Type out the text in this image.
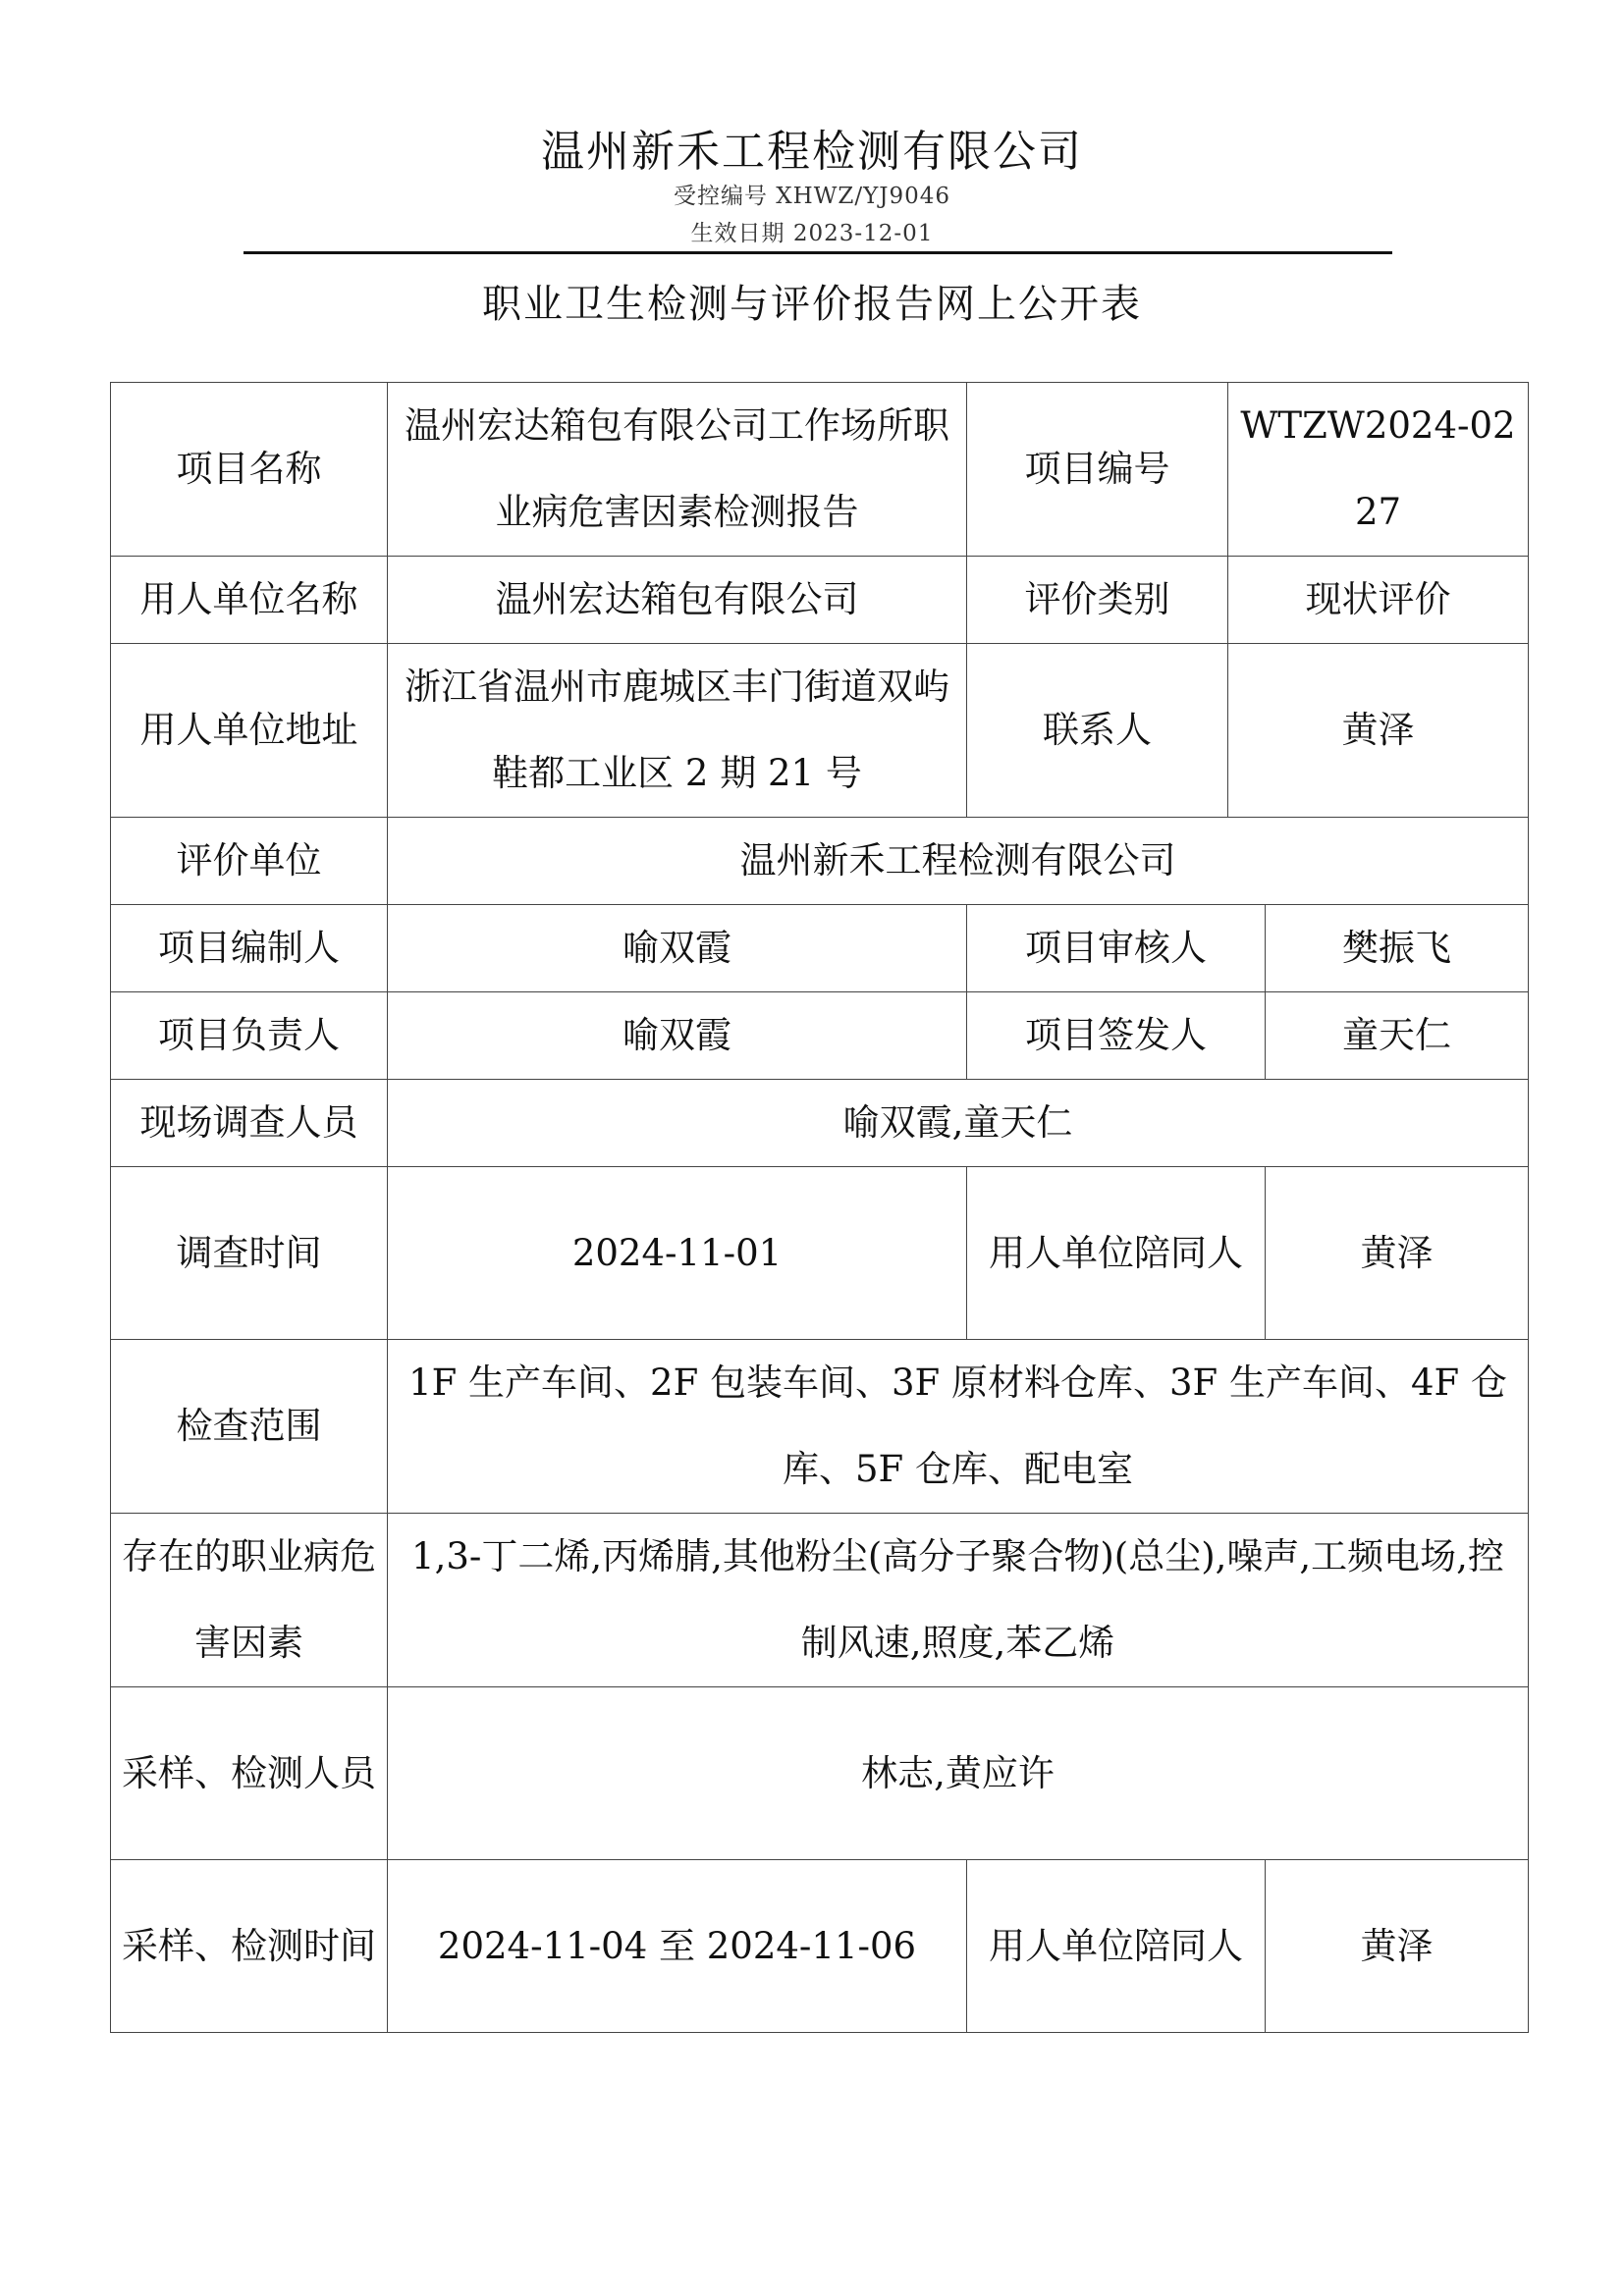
温州新禾工程检测有限公司
受控编号 XHWZ/YJ9046
生效日期 2023-12-01
职业卫生检测与评价报告网上公开表
项目名称	温州宏达箱包有限公司工作场所职业病危害因素检测报告	项目编号	WTZW2024-0227	
用人单位名称	温州宏达箱包有限公司	评价类别	现状评价	
用人单位地址	浙江省温州市鹿城区丰门街道双屿鞋都工业区 2 期 21 号	联系人	黄泽	
评价单位	温州新禾工程检测有限公司			
项目编制人	喻双霞	项目审核人		樊振飞
项目负责人	喻双霞	项目签发人		童天仁
现场调查人员	喻双霞,童天仁			
调查时间	2024-11-01	用人单位陪同人		黄泽
检查范围	1F 生产车间、2F 包装车间、3F 原材料仓库、3F 生产车间、4F 仓库、5F 仓库、配电室			
存在的职业病危害因素	1,3-丁二烯,丙烯腈,其他粉尘(高分子聚合物)(总尘),噪声,工频电场,控制风速,照度,苯乙烯			
采样、检测人员	林志,黄应许			
采样、检测时间	2024-11-04 至 2024-11-06	用人单位陪同人		黄泽
